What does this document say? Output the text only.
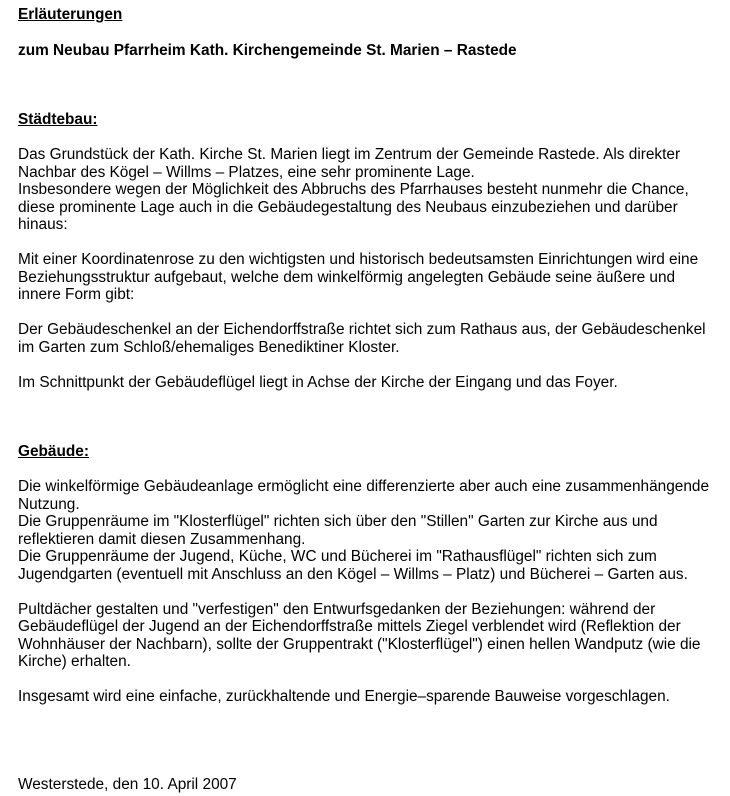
Erläuterungen

zum Neubau Pfarrheim Kath. Kirchengemeinde St. Marien – Rastede

Städtebau:

Das Grundstück der Kath. Kirche St. Marien liegt im Zentrum der Gemeinde Rastede. Als direkter
Nachbar des Kögel – Willms – Platzes, eine sehr prominente Lage.
Insbesondere wegen der Möglichkeit des Abbruchs des Pfarrhauses besteht nunmehr die Chance,
diese prominente Lage auch in die Gebäudegestaltung des Neubaus einzubeziehen und darüber
hinaus:

Mit einer Koordinatenrose zu den wichtigsten und historisch bedeutsamsten Einrichtungen wird eine
Beziehungsstruktur aufgebaut, welche dem winkelförmig angelegten Gebäude seine äußere und
innere Form gibt:

Der Gebäudeschenkel an der Eichendorffstraße richtet sich zum Rathaus aus, der Gebäudeschenkel
im Garten zum Schloß/ehemaliges Benediktiner Kloster.

Im Schnittpunkt der Gebäudeflügel liegt in Achse der Kirche der Eingang und das Foyer.

Gebäude:

Die winkelförmige Gebäudeanlage ermöglicht eine differenzierte aber auch eine zusammenhängende
Nutzung.
Die Gruppenräume im "Klosterflügel" richten sich über den "Stillen" Garten zur Kirche aus und
reflektieren damit diesen Zusammenhang.
Die Gruppenräume der Jugend, Küche, WC und Bücherei im "Rathausflügel" richten sich zum
Jugendgarten (eventuell mit Anschluss an den Kögel – Willms – Platz) und Bücherei – Garten aus.

Pultdächer gestalten und "verfestigen" den Entwurfsgedanken der Beziehungen: während der
Gebäudeflügel der Jugend an der Eichendorffstraße mittels Ziegel verblendet wird (Reflektion der
Wohnhäuser der Nachbarn), sollte der Gruppentrakt ("Klosterflügel") einen hellen Wandputz (wie die
Kirche) erhalten.

Insgesamt wird eine einfache, zurückhaltende und Energie–sparende Bauweise vorgeschlagen.

Westerstede, den 10. April 2007
